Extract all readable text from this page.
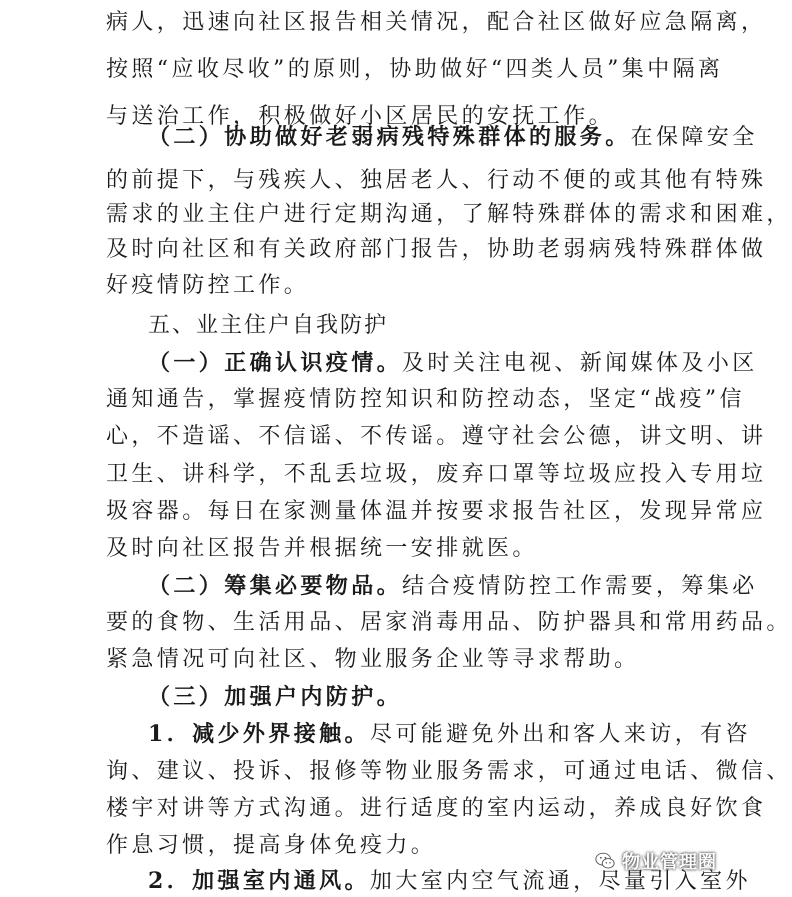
病人，迅速向社区报告相关情况，配合社区做好应急隔离，
按照“应收尽收”的原则，协助做好“四类人员”集中隔离
与送治工作，积极做好小区居民的安抚工作。
（二）协助做好老弱病残特殊群体的服务。在保障安全
的前提下，与残疾人、独居老人、行动不便的或其他有特殊
需求的业主住户进行定期沟通，了解特殊群体的需求和困难，
及时向社区和有关政府部门报告，协助老弱病残特殊群体做
好疫情防控工作。
五、业主住户自我防护
（一）正确认识疫情。及时关注电视、新闻媒体及小区
通知通告，掌握疫情防控知识和防控动态，坚定“战疫”信
心，不造谣、不信谣、不传谣。遵守社会公德，讲文明、讲
卫生、讲科学，不乱丢垃圾，废弃口罩等垃圾应投入专用垃
圾容器。每日在家测量体温并按要求报告社区，发现异常应
及时向社区报告并根据统一安排就医。
（二）筹集必要物品。结合疫情防控工作需要，筹集必
要的食物、生活用品、居家消毒用品、防护器具和常用药品。
紧急情况可向社区、物业服务企业等寻求帮助。
（三）加强户内防护。
1．减少外界接触。尽可能避免外出和客人来访，有咨
询、建议、投诉、报修等物业服务需求，可通过电话、微信、
楼宇对讲等方式沟通。进行适度的室内运动，养成良好饮食
作息习惯，提高身体免疫力。
2．加强室内通风。加大室内空气流通，尽量引入室外
物业管理圈
